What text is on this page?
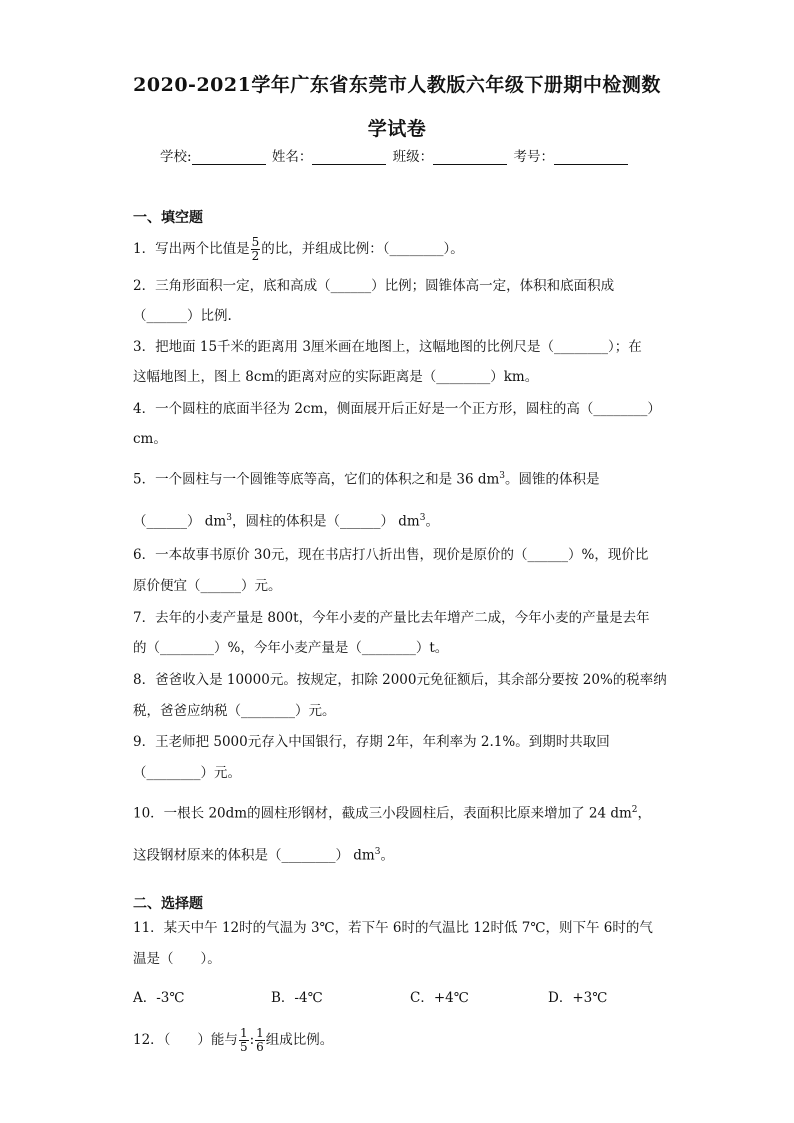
2020-2021学年广东省东莞市人教版六年级下册期中检测数
学试卷
学校:	姓名：	班级：	考号：
一、填空题
1．写出两个比值是 $\frac{5}{2}$ 的比，并组成比例：（________）。
2．三角形面积一定，底和高成（______）比例；圆锥体高一定，体积和底面积成
（______）比例.
3．把地面 15千米的距离用 3厘米画在地图上，这幅地图的比例尺是（________）；在
这幅地图上，图上 8cm的距离对应的实际距离是（________）km。
4．一个圆柱的底面半径为 2cm，侧面展开后正好是一个正方形，圆柱的高（________）
cm。
5．一个圆柱与一个圆锥等底等高，它们的体积之和是 36 $dm^3$。圆锥的体积是
（______） $dm^3$，圆柱的体积是（______） $dm^3$。
6．一本故事书原价 30元，现在书店打八折出售，现价是原价的（______）%，现价比
原价便宜（______）元。
7．去年的小麦产量是 800t，今年小麦的产量比去年增产二成，今年小麦的产量是去年
的（________）%，今年小麦产量是（________）t。
8．爸爸收入是 10000元。按规定，扣除 2000元免征额后，其余部分要按 20%的税率纳
税，爸爸应纳税（________）元。
9．王老师把 5000元存入中国银行，存期 2年，年利率为 2.1%。到期时共取回
（________）元。
10．一根长 20dm的圆柱形钢材，截成三小段圆柱后，表面积比原来增加了 24 $dm^2$，
这段钢材原来的体积是（________） $dm^3$。
二、选择题
11．某天中午 12时的气温为 3℃，若下午 6时的气温比 12时低 7℃，则下午 6时的气
温是（　　）。
A．-3℃	B．-4℃	C．+4℃	D．+3℃
12．（　　）能与 $\frac{1}{5}$ : $\frac{1}{6}$ 组成比例。
